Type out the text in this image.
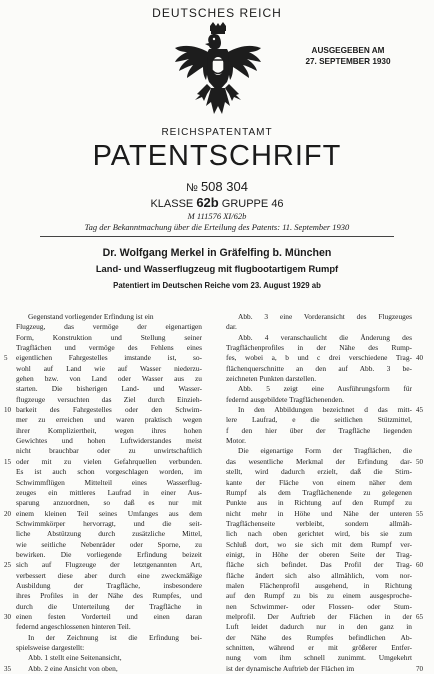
DEUTSCHES REICH
AUSGEGEBEN AM
27. SEPTEMBER 1930
REICHSPATENTAMT
PATENTSCHRIFT
№ 508 304
KLASSE 62b GRUPPE 46
M 111576 XI/62b
Tag der Bekanntmachung über die Erteilung des Patents: 11. September 1930
Dr. Wolfgang Merkel in Gräfelfing b. München
Land- und Wasserflugzeug mit flugbootartigem Rumpf
Patentiert im Deutschen Reiche vom 23. August 1929 ab
Gegenstand vorliegender Erfindung ist ein
Flugzeug, das vermöge der eigenartigen
Form, Konstruktion und Stellung seiner
Tragflächen und vermöge des Fehlens eines
eigentlichen Fahrgestelles imstande ist, so-
wohl auf Land wie auf Wasser niederzu-
gehen bzw. von Land oder Wasser aus zu
starten. Die bisherigen Land- und Wasser-
flugzeuge versuchten das Ziel durch Einzieh-
barkeit des Fahrgestelles oder den Schwim-
mer zu erreichen und waren praktisch wegen
ihrer Kompliziertheit, wegen ihres hohen
Gewichtes und hohen Luftwiderstandes meist
nicht brauchbar oder zu unwirtschaftlich
oder mit zu vielen Gefahrquellen verbunden.
Es ist auch schon vorgeschlagen worden, im
Schwimmflügen Mittelteil eines Wasserflug-
zeuges ein mittleres Laufrad in einer Aus-
sparung anzuordnen, so daß es nur mit
einem kleinen Teil seines Umfanges aus dem
Schwimmkörper hervorragt, und die seit-
liche Abstützung durch zusätzliche Mittel,
wie seitliche Nebenräder oder Sporne, zu
bewirken. Die vorliegende Erfindung beizeit
sich auf Flugzeuge der letztgenannten Art,
verbessert diese aber durch eine zweckmäßige
Ausbildung der Tragfläche, insbesondere
ihres Profiles in der Nähe des Rumpfes, und
durch die Unterteilung der Tragfläche in
einen festen Vorderteil und einen daran
federnd angeschlossenen hinteren Teil.
In der Zeichnung ist die Erfindung bei-
spielsweise dargestellt:
Abb. 1 stellt eine Seitenansicht,
Abb. 2 eine Ansicht von oben,
Abb. 3 eine Vorderansicht des Flugzeuges
dar.
Abb. 4 veranschaulicht die Änderung des
Tragflächenprofiles in der Nähe des Rump-
fes, wobei a, b und c drei verschiedene Trag-
flächenquerschnitte an den auf Abb. 3 be-
zeichneten Punkten darstellen.
Abb. 5 zeigt eine Ausführungsform für
federnd ausgebildete Tragflächenenden.
In den Abbildungen bezeichnet d das mitt-
lere Laufrad, e die seitlichen Stützmittel,
f den hier über der Tragfläche liegenden
Motor.
Die eigenartige Form der Tragflächen, die
das wesentliche Merkmal der Erfindung dar-
stellt, wird dadurch erzielt, daß die Stirn-
kante der Fläche von einem näher dem
Rumpf als dem Tragflächenende zu gelegenen
Punkte aus in Richtung auf den Rumpf zu
nicht mehr in Höhe und Nähe der unteren
Tragflächenseite verbleibt, sondern allmäh-
lich nach oben gerichtet wird, bis sie zum
Schluß dort, wo sie sich mit dem Rumpf ver-
einigt, in Höhe der oberen Seite der Trag-
fläche sich befindet. Das Profil der Trag-
fläche ändert sich also allmählich, vom nor-
malen Flächenprofil ausgehend, in Richtung
auf den Rumpf zu bis zu einem ausgesproche-
nen Schwimmer- oder Flossen- oder Stum-
melprofil. Der Auftrieb der Flächen in der
Luft leidet dadurch nur in den ganz in
der Nähe des Rumpfes befindlichen Ab-
schnitten, während er mit größerer Entfer-
nung vom ihm schnell zunimmt. Umgekehrt
ist der dynamische Auftrieb der Flächen im
5
10
15
20
25
30
35
40
45
50
55
60
65
70
